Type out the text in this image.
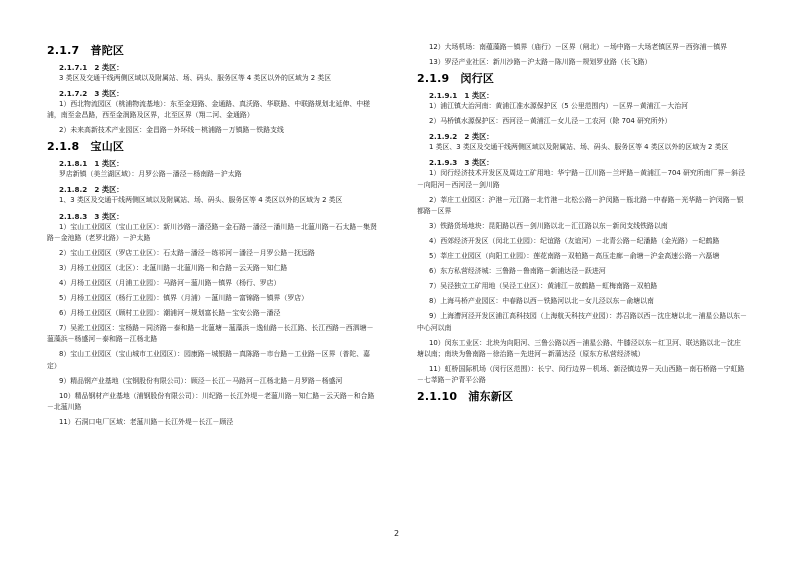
2.1.7　普陀区
2.1.7.1　2 类区：

3 类区及交通干线两侧区域以及附属站、场、码头、服务区等 4 类区以外的区域为 2 类区

2.1.7.2　3 类区：

1）西北物流园区（桃浦物流基地）：东至金迎路、金通路、真沃路、华联路、中联路规划北延伸、中槎浦，南至金昌路，西至金润路及区界，北至区界（翔二河、金通路）

2）未来高新技术产业园区：金昌路－外环线－桃浦路－万镇路－铁路支线

2.1.8　宝山区
2.1.8.1　1 类区：

罗店新镇（美兰湖区域）：月罗公路－潘泾－杨南路－沪太路

2.1.8.2　2 类区：

1、3 类区及交通干线两侧区域以及附属站、场、码头、服务区等 4 类区以外的区域为 2 类区

2.1.8.3　3 类区：

1）宝山工业园区（宝山工业区）：新川沙路－潘泾路－金石路－潘泾－潘川路－北蕰川路－石太路－集贤路－金池路（老罗北路）－沪太路

2）宝山工业园区（罗店工业区）：石太路－潘泾－练祁河－潘泾－月罗公路－抚远路

3）月杨工业园区（北区）：北蕰川路－北蕰川路－和合路－云天路－知仁路

4）月杨工业园区（月浦工业园）：马路河－蕰川路－镇界（杨行、罗店）

5）月杨工业园区（杨行工业园）：镇界（月浦）－蕰川路－富锦路－镇界（罗店）

6）月杨工业园区（顾村工业园）：潮浦河－规划富长路－宝安公路－潘泾

7）吴淞工业园区：宝杨路－同济路－泰和路－北蕰塘－蕰藻浜－逸仙路－长江路、长江西路－西泗塘－蕰藻浜－杨盛河－泰和路－江杨北路

8）宝山工业园区（宝山城市工业园区）：园康路－城银路－真陈路－市台路－工业路－区界（普陀、嘉定）

9）精品钢产业基地（宝钢股份有限公司）：顾泾－长江－马路河－江杨北路－月罗路－杨盛河

10）精品钢材产业基地（浦钢股份有限公司）：川纪路－长江外堤－老蕰川路－知仁路－云天路－和合路－北蕰川路

11）石洞口电厂区域：老蕰川路－长江外堤－长江－顾泾

12）大场机场：南蕴藻路－镇界（庙行）－区界（闸北）－场中路－大场老镇区界－西弥浦－镇界

13）罗泾产业社区：新川沙路－沪太路－陈川路－规划罗业路（长飞路）

2.1.9　闵行区
2.1.9.1　1 类区：

1）浦江镇大治河南：黄浦江准水源保护区（5 公里范围内）－区界－黄浦江－大治河

2）马桥镇水源保护区：西河泾－黄浦江－女儿泾－工农河（除 704 研究所外）

2.1.9.2　2 类区：

1 类区、3 类区及交通干线两侧区域以及附属站、场、码头、服务区等 4 类区以外的区域为 2 类区

2.1.9.3　3 类区：

1）闵行经济技术开发区及周边工矿用地：华宁路－江川路－兰坪路－黄浦江－704 研究所南厂界－斜泾－向阳河－西河泾－剑川路

2）莘庄工业园区：沪港－元江路－北竹港－北松公路－沪闵路－瓶北路－中春路－光华路－沪闵路－银都路－区界

3）铁路货场地块：昆阳路以西－剑川路以北－汇江路以东－新闵支线铁路以南

4）西郊经济开发区（闵北工业园）：纪谊路（友谊河）－北青公路－纪潘路（金光路）－纪鹤路

5）莘庄工业园区（向阳工业园）：莲花南路－双柏路－高压走廊－俞塘－沪金高速公路－六磊塘

6）东方私营经济城：三鲁路－鲁南路－新浦达泾－跃进河

7）吴泾独立工矿用地（吴泾工业区）：黄浦江－放鹤路－虹梅南路－双柏路

8）上海马桥产业园区：中春路以西－铁路河以北－女儿泾以东－俞塘以南

9）上海漕河泾开发区浦江高科技园（上海航天科技产业园）：苏召路以西－沈庄塘以北－浦星公路以东－中心河以南

10）闵东工业区：北块为向阳河、三鲁公路以西－浦星公路、牛膝泾以东－红卫河、联达路以北－沈庄塘以南；南块为鲁南路－徐治路－先进河－新蒲达泾（原东方私营经济城）

11）虹桥国际机场（闵行区范围）：长宁、闵行边界－机场、新泾镇边界－天山西路－南石桥路－宁虹路－七莘路－沪青平公路

2.1.10　浦东新区
2
